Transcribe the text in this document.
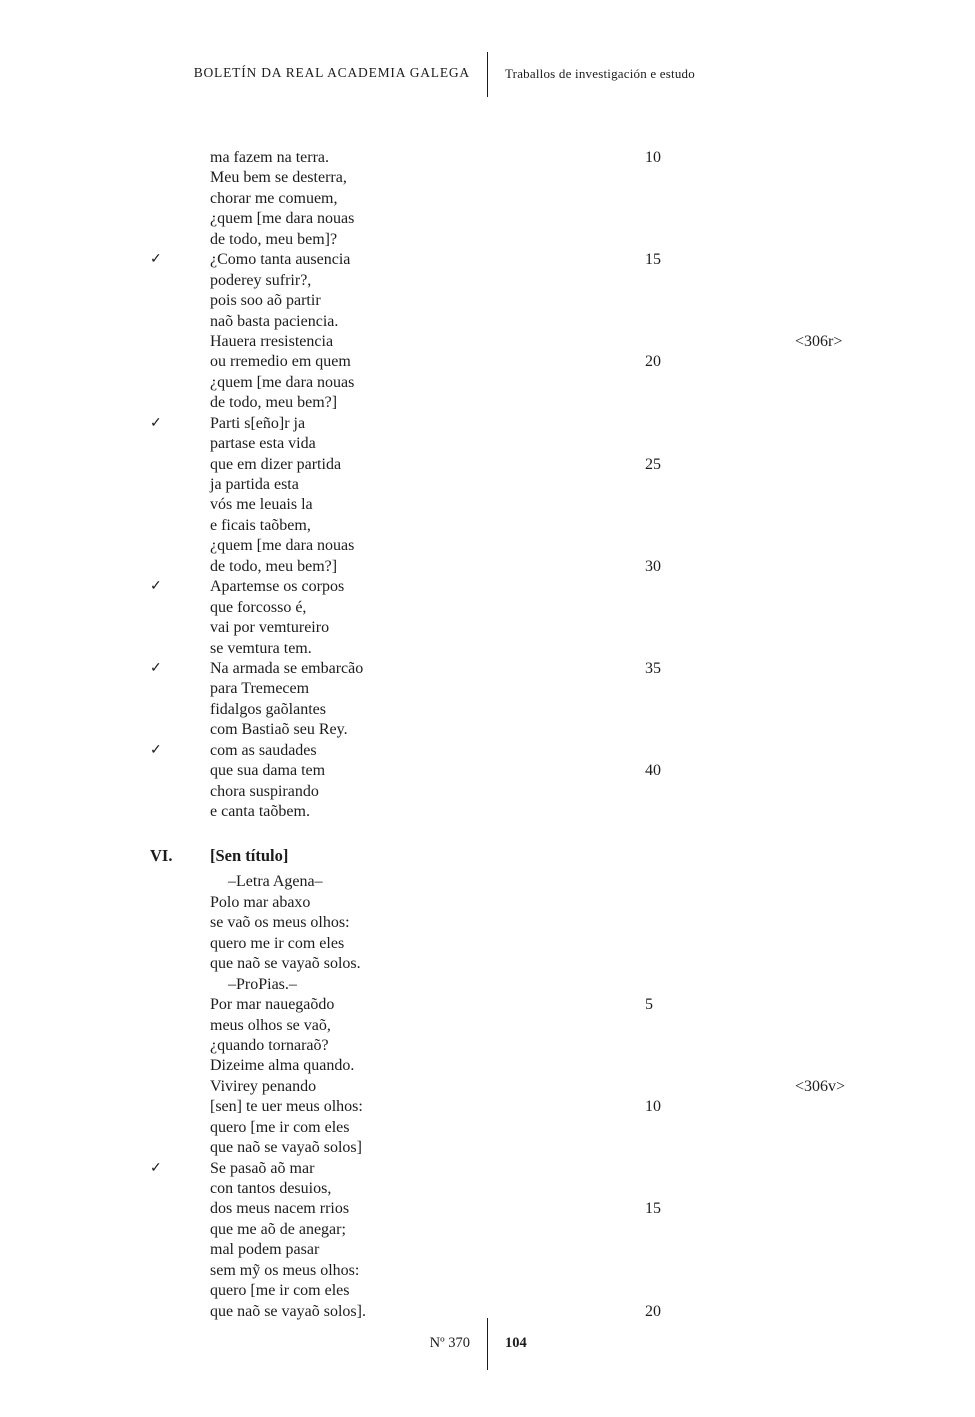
BOLETÍN DA REAL ACADEMIA GALEGA	Traballos de investigación e estudo
ma fazem na terra.	10
Meu bem se desterra,
chorar me comuem,
¿quem [me dara nouas
de todo, meu bem]?
✓	¿Como tanta ausencia	15
poderey sufrir?,
pois soo aõ partir
naõ basta paciencia.
Hauera rresistencia	<306r>
ou rremedio em quem	20
¿quem [me dara nouas
de todo, meu bem?]
✓	Parti s[eño]r ja
partase esta vida
que em dizer partida	25
ja partida esta
vós me leuais la
e ficais taõbem,
¿quem [me dara nouas
de todo, meu bem?]	30
✓	Apartemse os corpos
que forcosso é,
vai por vemtureiro
se vemtura tem.
✓	Na armada se embarcão	35
para Tremecem
fidalgos gaõlantes
com Bastiaõ seu Rey.
✓	com as saudades
que sua dama tem	40
chora suspirando
e canta taõbem.
VI.	[Sen título]
–Letra Agena–
Polo mar abaxo
se vaõ os meus olhos:
quero me ir com eles
que naõ se vayaõ solos.
–ProPias.–
Por mar nauegaõdo	5
meus olhos se vaõ,
¿quando tornaraõ?
Dizeime alma quando.
Vivirey penando	<306v>
[sen] te uer meus olhos:	10
quero [me ir com eles
que naõ se vayaõ solos]
✓	Se pasaõ aõ mar
con tantos desuios,
dos meus nacem rrios	15
que me aõ de anegar;
mal podem pasar
sem mỹ os meus olhos:
quero [me ir com eles
que naõ se vayaõ solos].	20
Nº 370 104
